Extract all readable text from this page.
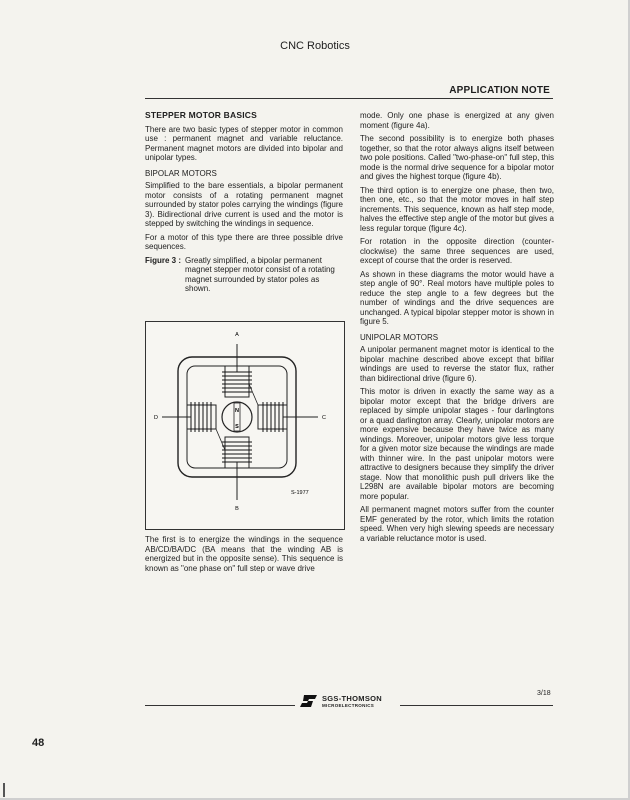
CNC Robotics
APPLICATION NOTE
STEPPER MOTOR BASICS

There are two basic types of stepper motor in common use : permanent magnet and variable reluctance. Permanent magnet motors are divided into bipolar and unipolar types.

BIPOLAR MOTORS

Simplified to the bare essentials, a bipolar permanent motor consists of a rotating permanent magnet surrounded by stator poles carrying the windings (figure 3). Bidirectional drive current is used and the motor is stepped by switching the windings in sequence.

For a motor of this type there are three possible drive sequences.

Figure 3 : Greatly simplified, a bipolar permanent magnet stepper motor consist of a rotating magnet surrounded by stator poles as shown.
N
S
A
B
C
D
S-1977

The first is to energize the windings in the sequence AB/CD/BA/DC (BA means that the winding AB is energized but in the opposite sense). This sequence is known as "one phase on" full step or wave drive

mode. Only one phase is energized at any given moment (figure 4a).

The second possibility is to energize both phases together, so that the rotor always aligns itself between two pole positions. Called "two-phase-on" full step, this mode is the normal drive sequence for a bipolar motor and gives the highest torque (figure 4b).

The third option is to energize one phase, then two, then one, etc., so that the motor moves in half step increments. This sequence, known as half step mode, halves the effective step angle of the motor but gives a less regular torque (figure 4c).

For rotation in the opposite direction (counter-clockwise) the same three sequences are used, except of course that the order is reserved.

As shown in these diagrams the motor would have a step angle of 90°. Real motors have multiple poles to reduce the step angle to a few degrees but the number of windings and the drive sequences are unchanged. A typical bipolar stepper motor is shown in figure 5.

UNIPOLAR MOTORS

A unipolar permanent magnet motor is identical to the bipolar machine described above except that bifilar windings are used to reverse the stator flux, rather than bidirectional drive (figure 6).

This motor is driven in exactly the same way as a bipolar motor except that the bridge drivers are replaced by simple unipolar stages - four darlingtons or a quad darlington array. Clearly, unipolar motors are more expensive because they have twice as many windings. Moreover, unipolar motors give less torque for a given motor size because the windings are made with thinner wire. In the past unipolar motors were attractive to designers because they simplify the driver stage. Now that monolithic push pull drivers like the L298N are available bipolar motors are becoming more popular.

All permanent magnet motors suffer from the counter EMF generated by the rotor, which limits the rotation speed. When very high slewing speeds are necessary a variable reluctance motor is used.

3/18
SGS-THOMSON
MICROELECTRONICS
48
